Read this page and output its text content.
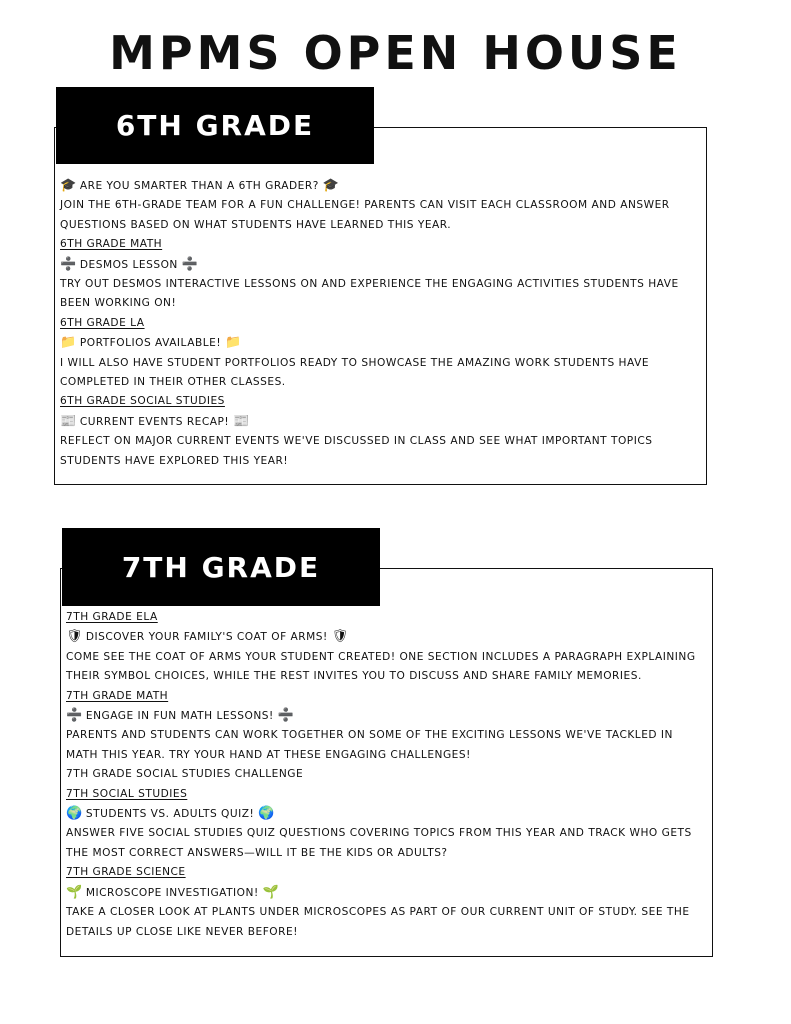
MPMS OPEN HOUSE
6TH GRADE

🎓 ARE YOU SMARTER THAN A 6TH GRADER? 🎓

JOIN THE 6TH-GRADE TEAM FOR A FUN CHALLENGE! PARENTS CAN VISIT EACH CLASSROOM AND ANSWER QUESTIONS BASED ON WHAT STUDENTS HAVE LEARNED THIS YEAR.

6TH GRADE MATH

➗ DESMOS LESSON ➗

TRY OUT DESMOS INTERACTIVE LESSONS ON AND EXPERIENCE THE ENGAGING ACTIVITIES STUDENTS HAVE BEEN WORKING ON!

6TH GRADE LA

📁 PORTFOLIOS AVAILABLE! 📁

I WILL ALSO HAVE STUDENT PORTFOLIOS READY TO SHOWCASE THE AMAZING WORK STUDENTS HAVE COMPLETED IN THEIR OTHER CLASSES.

6TH GRADE SOCIAL STUDIES

📰 CURRENT EVENTS RECAP! 📰

REFLECT ON MAJOR CURRENT EVENTS WE'VE DISCUSSED IN CLASS AND SEE WHAT IMPORTANT TOPICS STUDENTS HAVE EXPLORED THIS YEAR!

7TH GRADE

7TH GRADE ELA

🛡 DISCOVER YOUR FAMILY'S COAT OF ARMS! 🛡

COME SEE THE COAT OF ARMS YOUR STUDENT CREATED! ONE SECTION INCLUDES A PARAGRAPH EXPLAINING THEIR SYMBOL CHOICES, WHILE THE REST INVITES YOU TO DISCUSS AND SHARE FAMILY MEMORIES.

7TH GRADE MATH

➗ ENGAGE IN FUN MATH LESSONS! ➗

PARENTS AND STUDENTS CAN WORK TOGETHER ON SOME OF THE EXCITING LESSONS WE'VE TACKLED IN MATH THIS YEAR. TRY YOUR HAND AT THESE ENGAGING CHALLENGES!

7TH GRADE SOCIAL STUDIES CHALLENGE

7TH SOCIAL STUDIES

🌍 STUDENTS VS. ADULTS QUIZ! 🌍

ANSWER FIVE SOCIAL STUDIES QUIZ QUESTIONS COVERING TOPICS FROM THIS YEAR AND TRACK WHO GETS THE MOST CORRECT ANSWERS—WILL IT BE THE KIDS OR ADULTS?

7TH GRADE SCIENCE

🌱 MICROSCOPE INVESTIGATION! 🌱

TAKE A CLOSER LOOK AT PLANTS UNDER MICROSCOPES AS PART OF OUR CURRENT UNIT OF STUDY. SEE THE DETAILS UP CLOSE LIKE NEVER BEFORE!
